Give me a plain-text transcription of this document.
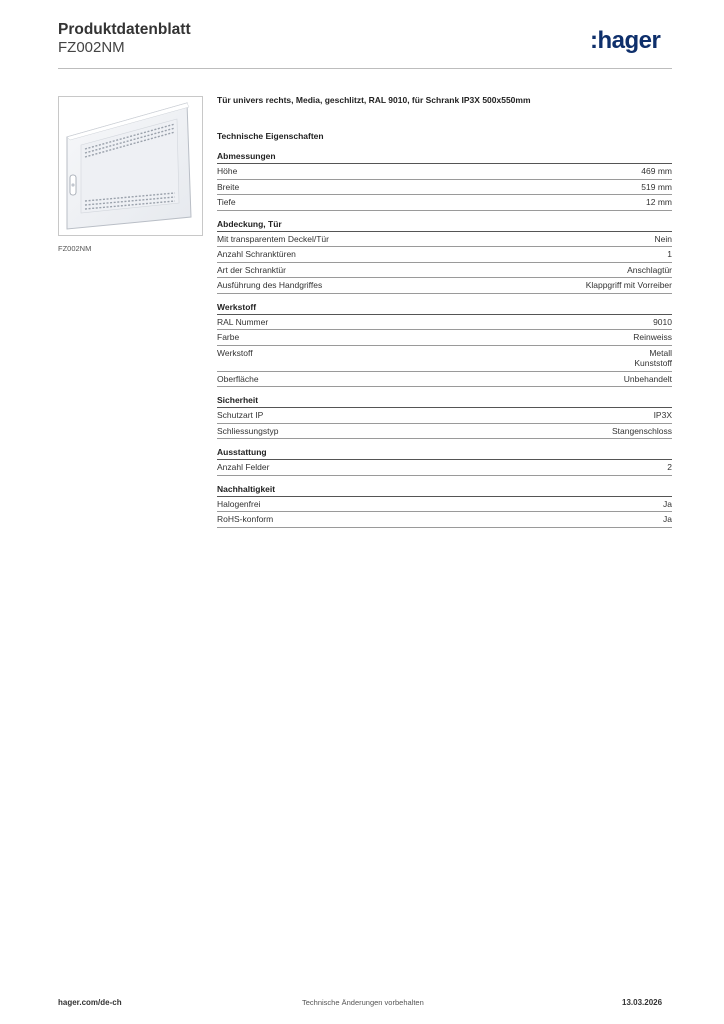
Produktdatenblatt
FZ002NM	:hager
FZ002NM
Tür univers rechts, Media, geschlitzt, RAL 9010, für Schrank IP3X 500x550mm
Technische Eigenschaften
Abmessungen
Höhe	469 mm
Breite	519 mm
Tiefe	12 mm
Abdeckung, Tür
Mit transparentem Deckel/Tür	Nein
Anzahl Schranktüren	1
Art der Schranktür	Anschlagtür
Ausführung des Handgriffes	Klappgriff mit Vorreiber
Werkstoff
RAL Nummer	9010
Farbe	Reinweiss
Werkstoff	Metall
Kunststoff
Oberfläche	Unbehandelt
Sicherheit
Schutzart IP	IP3X
Schliessungstyp	Stangenschloss
Ausstattung
Anzahl Felder	2
Nachhaltigkeit
Halogenfrei	Ja
RoHS-konform	Ja
hager.com/de-ch	Technische Änderungen vorbehalten	13.03.2026
